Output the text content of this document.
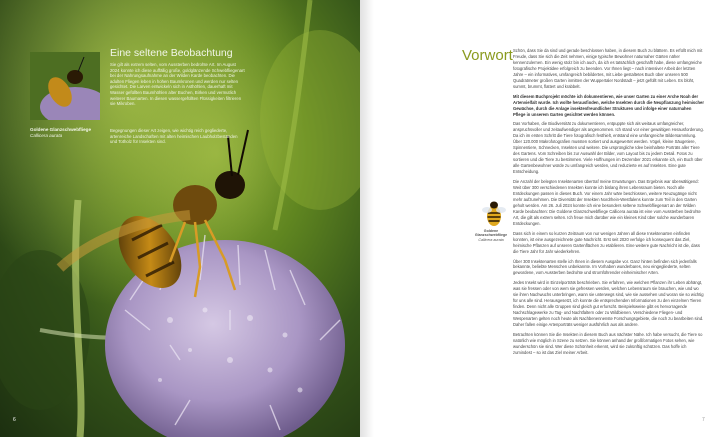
Goldene Glanzschwebfliege
Callicera aurata
Eine seltene Beobachtung

Sie gilt als extrem selten, vom Aussterben bedrohte Art. Im August 2024 konnte ich diese auffällig große, goldglänzende Schwebfliegenart bei der Nahrungsaufnahme an der Wilden Karde beobachten. Die adulten Fliegen leben in hohen Baumkronen und werden nur selten gesichtet. Die Larven entwickeln sich in Asthöhlen, dauerhaft mit Wasser gefüllten Baumhöhlen alter Buchen, Birken und vermutlich weiterer Baumarten. In diesen wassergefüllten Flüssigkeiten filtrieren sie Mikroben.

Begegnungen dieser Art zeigen, wie wichtig reich gegliederte, artenreiche Landschaften mit alten heimischen Laubholzbeständen und Totholz für Insekten sind.

6
Vorwort Schön, dass Sie da sind und gerade beschlossen haben, in diesem Buch zu blättern. Es erfüllt mich mit Freude, dass Sie sich die Zeit nehmen, einige typische Bewohner naturnaher Gärten näher kennenzulernen. Ein wenig stolz bin ich auch, da ich es tatsächlich geschafft habe, diese umfangreiche fotografische Projektidee erfolgreich zu beenden. Vor Ihnen liegt – nach intensiver Arbeit der letzten Jahre – ein informatives, umfangreich bebildertes, mit Liebe gestaltetes Buch über unseren 500 Quadratmeter großen Garten inmitten der Wuppertaler Nordstadt – jetzt gefüllt mit Leben. Es blüht, summt, brummt, flattert und krabbelt.

Mit diesem Buchprojekt möchte ich dokumentieren, wie unser Garten zu einer Arche Noah der Artenvielfalt wurde. Ich wollte herausfinden, welche Insekten durch die Neupflanzung heimischer Gewächse, durch die Anlage insektenfreundlicher Strukturen und infolge einer naturnahen Pflege in unserem Garten gesichtet werden können.

Das Vorhaben, die Biodiversität zu dokumentieren, entpuppte sich als weitaus umfangreicher, anspruchsvoller und zeitaufwendiger als angenommen. Ich stand vor einer gewaltigen Herausforderung. Da ich im ersten Schritt die Tiere fotografisch festhielt, entstand eine umfangreiche Bildersammlung. Über 120.000 Makrofotografien mussten sortiert und ausgewertet werden. Vögel, kleine Säugetiere, Spinnentiere, Schnecken, Insekten und weitere. Die ursprüngliche Idee beinhaltete Porträts aller Tiere des Gartens. Vom Schreiben bis zur Auswahl der Bilder, vom Layout bis zu jedem Detail. Fotos zu sortieren und die Tiere zu bestimmen. Viele Hoffnungen im Dezember 2021 erkannte ich, ein Buch über alle Gartenbewohner würde zu umfangreich werden, und reduzierte es auf Insekten. Eine gute Entscheidung.

Die Anzahl der belegten Insektenarten übertraf meine Erwartungen. Das Ergebnis war überwältigend: Weit über 300 verschiedenen Insekten konnte ich bislang ihren Lebensraum bieten. Noch alle Entdeckungen passen in dieses Buch. Vor einem Jahr wäre beschlossen, weitere Neuzugänge nicht mehr aufzunehmen. Die Diversität der Insekten Nordrhein-Westfalens konnte zum Teil in den Garten geholt werden. Am 26. Juli 2024 konnte ich eine besonders seltene Schwebfliegenart an der Wilden Karde beobachten: Die Goldene Glanzschwebfliege Callicera aurata ist eine vom Aussterben bedrohte Art, die gilt als extrem selten. Ich freue mich darüber wie ein kleines Kind über solche wunderbaren Entdeckungen.

Dass sich in einem so kurzen Zeitraum von nur wenigen Jahren all diese Insektenarten einfinden konnten, ist eine ausgezeichnete gute Nachricht. Erst seit 2020 verfolge ich konsequent das Ziel, heimische Pflanzen auf unseren Gartenflächen zu etablieren. Eine weitere gute Nachricht ist die, dass die Tiere Jahr für Jahr wiederkehren.

Über 300 Insektenarten stelle ich Ihnen in diesem Ausgabe vor. Ganz hinten befinden sich jedenfalls bekannte, beliebte Menschen unbekannte. Im Vorhaben wunderbares, neu eingegliederte, selten gewordene, vom Aussterben bedrohte und stromführender einheimischer Arten.

Jedes Insekt wird in Einzelporträts beschrieben. Sie erfahren, wie welchen Pflanzen ihr Leben abhängt, was sie fressen oder von wem sie gefressen werden, welchen Lebensraum sie brauchen, wie und wo sie ihren Nachwuchs unterbringen, wann sie unterwegs sind, wie sie aussehen und woran sie so wichtig für uns alle sind. Herausgesetzt, ich konnte die entsprechenden Informationen zu den einzelnen Tieren finden. Denn nicht alle Gruppen sind gleich gut erforscht. Beispielsweise gibt es hervorragende Nachschlagewerke zu Tag- und Nachtfaltern oder zu Wildbienen. Verschiedene Fliegen- und Wespenarten gelten noch heute als Nachbenennenste Forschungsgebiete, die noch zu bearbeiten sind. Daher fallen einige Artenporträts weniger ausführlich aus als andere.

Betrachten können Sie die Insekten in diesem Buch aus nächster Nähe. Ich habe versucht, die Tiere so natürlich wie möglich in Szene zu setzen. Sie können anhand der großformatigen Fotos sehen, wie wunderschön sie sind. Wer diese Schönheit erkennt, wird sie zukünftig schützen. Das hoffe ich zumindest – so ist das Ziel meiner Arbeit.

Goldene Glanzschwebfliege
Callicera aurata
7
